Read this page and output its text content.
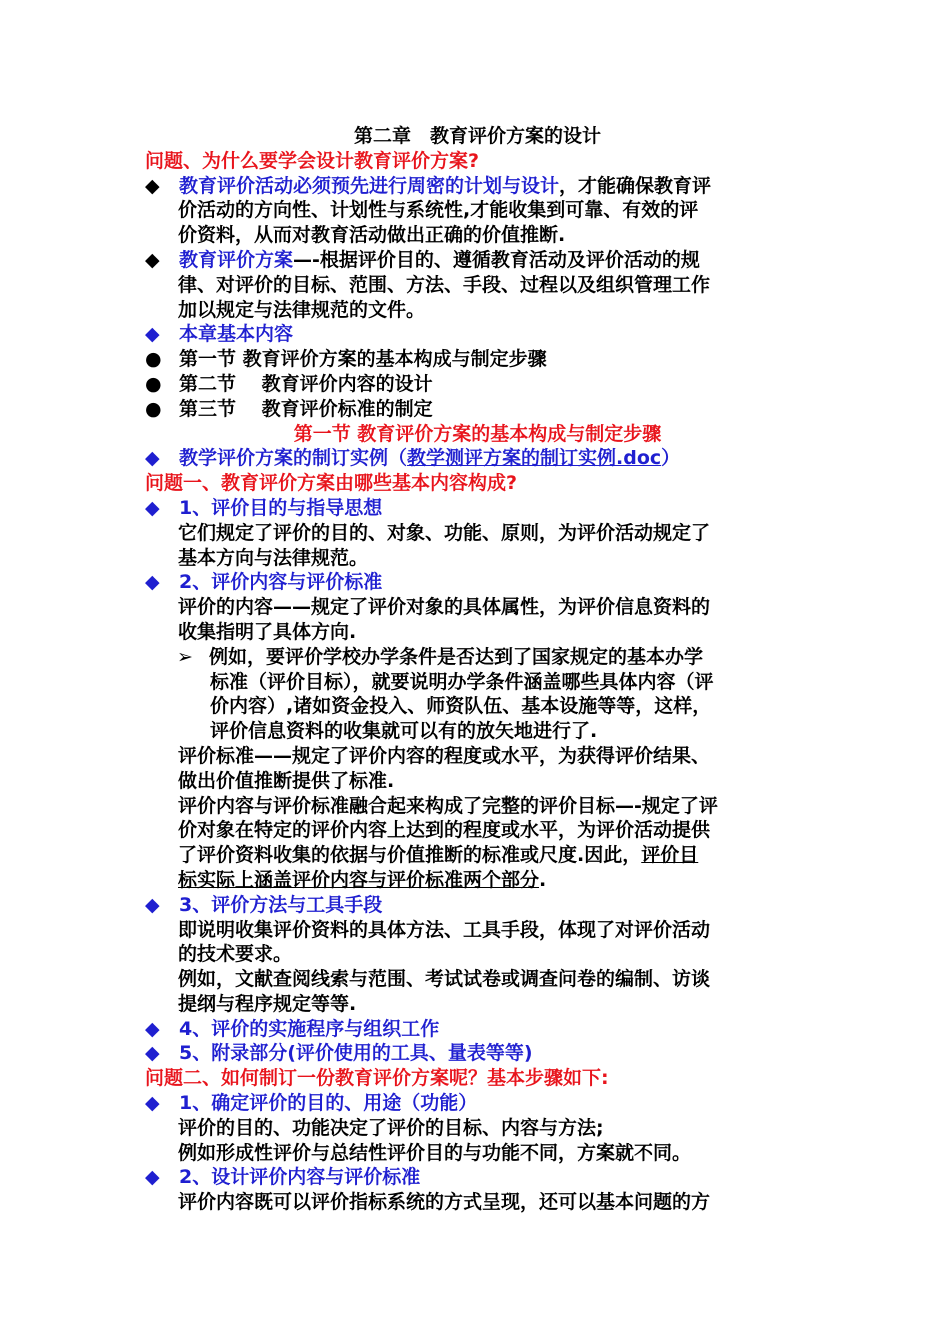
第二章　教育评价方案的设计
问题、为什么要学会设计教育评价方案?
◆ 教育评价活动必须预先进行周密的计划与设计，才能确保教育评
价活动的方向性、计划性与系统性,才能收集到可靠、有效的评
价资料，从而对教育活动做出正确的价值推断.
◆ 教育评价方案—-根据评价目的、遵循教育活动及评价活动的规
律、对评价的目标、范围、方法、手段、过程以及组织管理工作
加以规定与法律规范的文件。
◆ 本章基本内容
● 第一节 教育评价方案的基本构成与制定步骤
● 第二节　 教育评价内容的设计
● 第三节　 教育评价标准的制定
第一节 教育评价方案的基本构成与制定步骤
◆ 教学评价方案的制订实例（教学测评方案的制订实例.doc）
问题一、教育评价方案由哪些基本内容构成?
◆ 1、评价目的与指导思想
它们规定了评价的目的、对象、功能、原则，为评价活动规定了
基本方向与法律规范。
◆ 2、评价内容与评价标准
评价的内容——规定了评价对象的具体属性，为评价信息资料的
收集指明了具体方向.
➢ 例如，要评价学校办学条件是否达到了国家规定的基本办学
标准（评价目标），就要说明办学条件涵盖哪些具体内容（评
价内容）,诸如资金投入、师资队伍、基本设施等等，这样，
评价信息资料的收集就可以有的放矢地进行了.
评价标准——规定了评价内容的程度或水平，为获得评价结果、
做出价值推断提供了标准.
评价内容与评价标准融合起来构成了完整的评价目标—-规定了评
价对象在特定的评价内容上达到的程度或水平，为评价活动提供
了评价资料收集的依据与价值推断的标准或尺度.因此，评价目
标实际上涵盖评价内容与评价标准两个部分.
◆ 3、评价方法与工具手段
即说明收集评价资料的具体方法、工具手段，体现了对评价活动
的技术要求。
例如，文献查阅线索与范围、考试试卷或调查问卷的编制、访谈
提纲与程序规定等等.
◆ 4、评价的实施程序与组织工作
◆ 5、附录部分(评价使用的工具、量表等等)
问题二、如何制订一份教育评价方案呢？基本步骤如下:
◆ 1、确定评价的目的、用途（功能）
评价的目的、功能决定了评价的目标、内容与方法;
例如形成性评价与总结性评价目的与功能不同，方案就不同。
◆ 2、设计评价内容与评价标准
评价内容既可以评价指标系统的方式呈现，还可以基本问题的方
